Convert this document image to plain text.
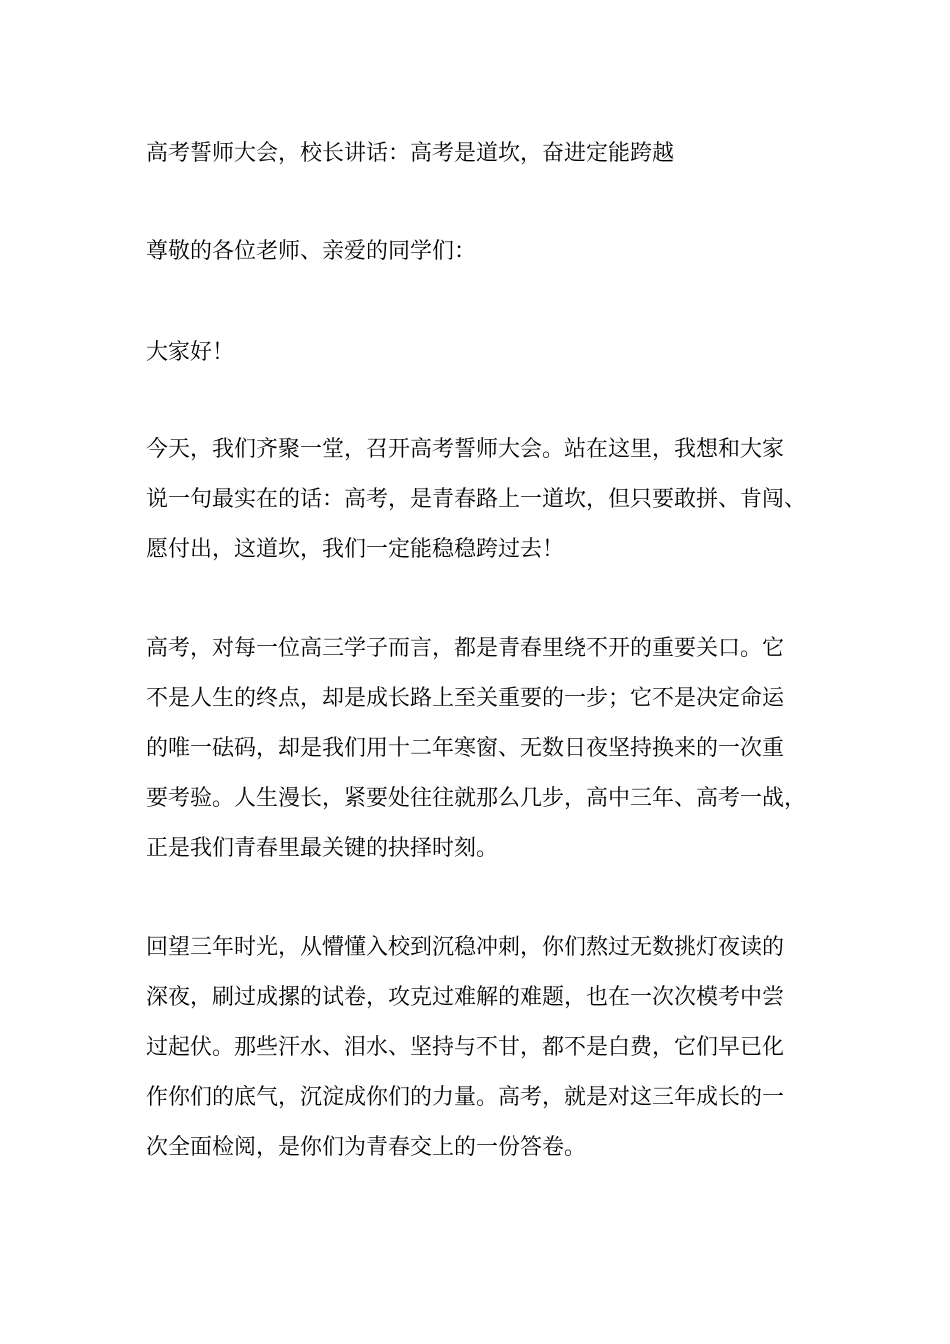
高考誓师大会，校长讲话：高考是道坎，奋进定能跨越
尊敬的各位老师、亲爱的同学们：
大家好！
今天，我们齐聚一堂，召开高考誓师大会。站在这里，我想和大家
说一句最实在的话：高考，是青春路上一道坎，但只要敢拼、肯闯、
愿付出，这道坎，我们一定能稳稳跨过去！
高考，对每一位高三学子而言，都是青春里绕不开的重要关口。它
不是人生的终点，却是成长路上至关重要的一步；它不是决定命运
的唯一砝码，却是我们用十二年寒窗、无数日夜坚持换来的一次重
要考验。人生漫长，紧要处往往就那么几步，高中三年、高考一战，
正是我们青春里最关键的抉择时刻。
回望三年时光，从懵懂入校到沉稳冲刺，你们熬过无数挑灯夜读的
深夜，刷过成摞的试卷，攻克过难解的难题，也在一次次模考中尝
过起伏。那些汗水、泪水、坚持与不甘，都不是白费，它们早已化
作你们的底气，沉淀成你们的力量。高考，就是对这三年成长的一
次全面检阅，是你们为青春交上的一份答卷。
